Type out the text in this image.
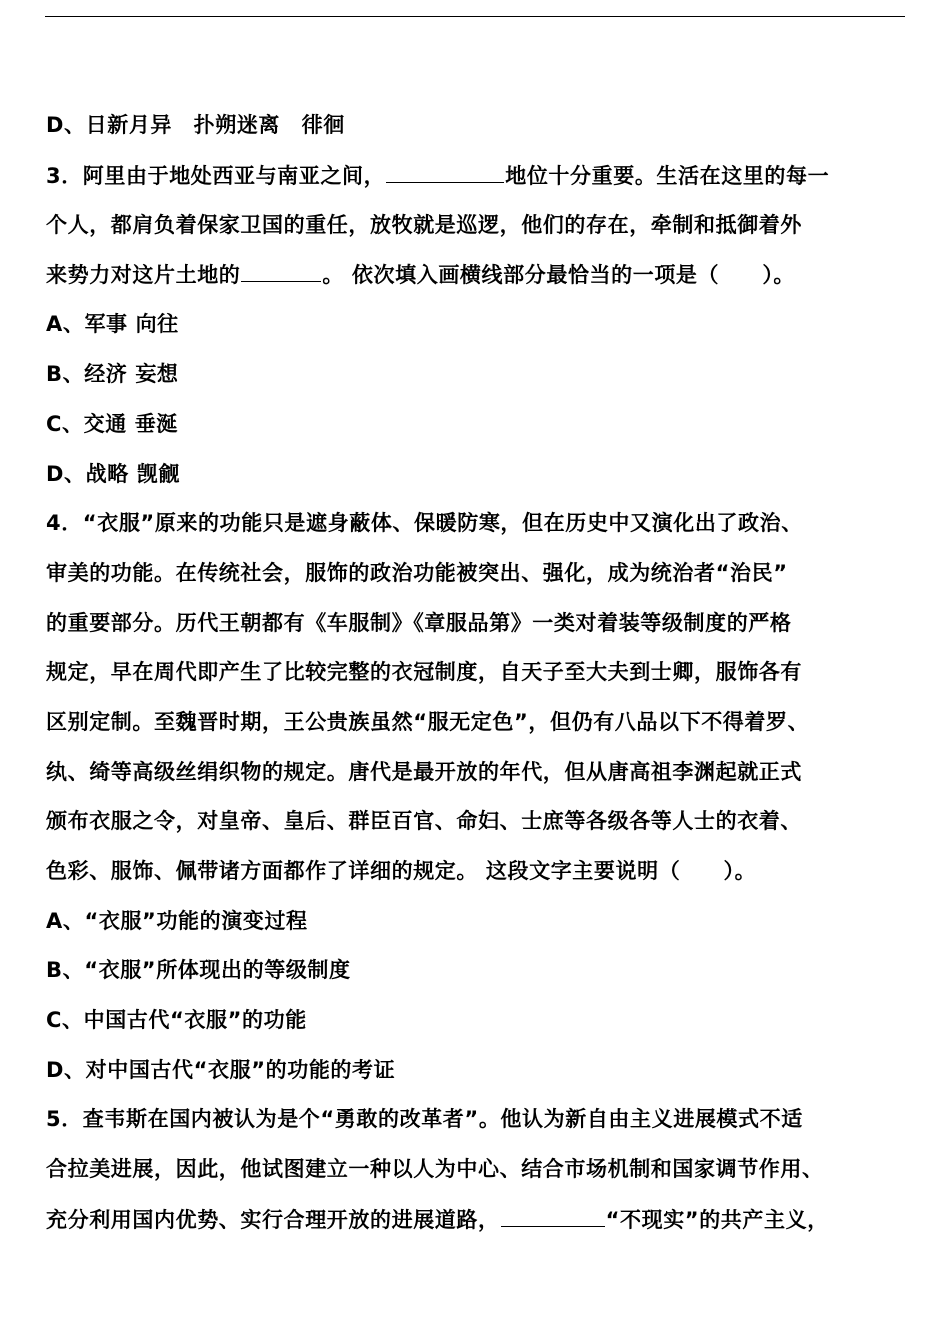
D、日新月异　扑朔迷离　徘徊
3．阿里由于地处西亚与南亚之间，	地位十分重要。生活在这里的每一
个人，都肩负着保家卫国的重任，放牧就是巡逻，他们的存在，牵制和抵御着外
来势力对这片土地的	。 依次填入画横线部分最恰当的一项是（　　）。
A、军事 向往
B、经济 妄想
C、交通 垂涎
D、战略 觊觎
4．“衣服”原来的功能只是遮身蔽体、保暖防寒，但在历史中又演化出了政治、
审美的功能。在传统社会，服饰的政治功能被突出、强化，成为统治者“治民”
的重要部分。历代王朝都有《车服制》《章服品第》一类对着装等级制度的严格
规定，早在周代即产生了比较完整的衣冠制度，自天子至大夫到士卿，服饰各有
区别定制。至魏晋时期，王公贵族虽然“服无定色”，但仍有八品以下不得着罗、
纨、绮等高级丝绢织物的规定。唐代是最开放的年代，但从唐高祖李渊起就正式
颁布衣服之令，对皇帝、皇后、群臣百官、命妇、士庶等各级各等人士的衣着、
色彩、服饰、佩带诸方面都作了详细的规定。 这段文字主要说明（　　）。
A、“衣服”功能的演变过程
B、“衣服”所体现出的等级制度
C、中国古代“衣服”的功能
D、对中国古代“衣服”的功能的考证
5．查韦斯在国内被认为是个“勇敢的改革者”。他认为新自由主义进展模式不适
合拉美进展，因此，他试图建立一种以人为中心、结合市场机制和国家调节作用、
充分利用国内优势、实行合理开放的进展道路，	“不现实”的共产主义，
